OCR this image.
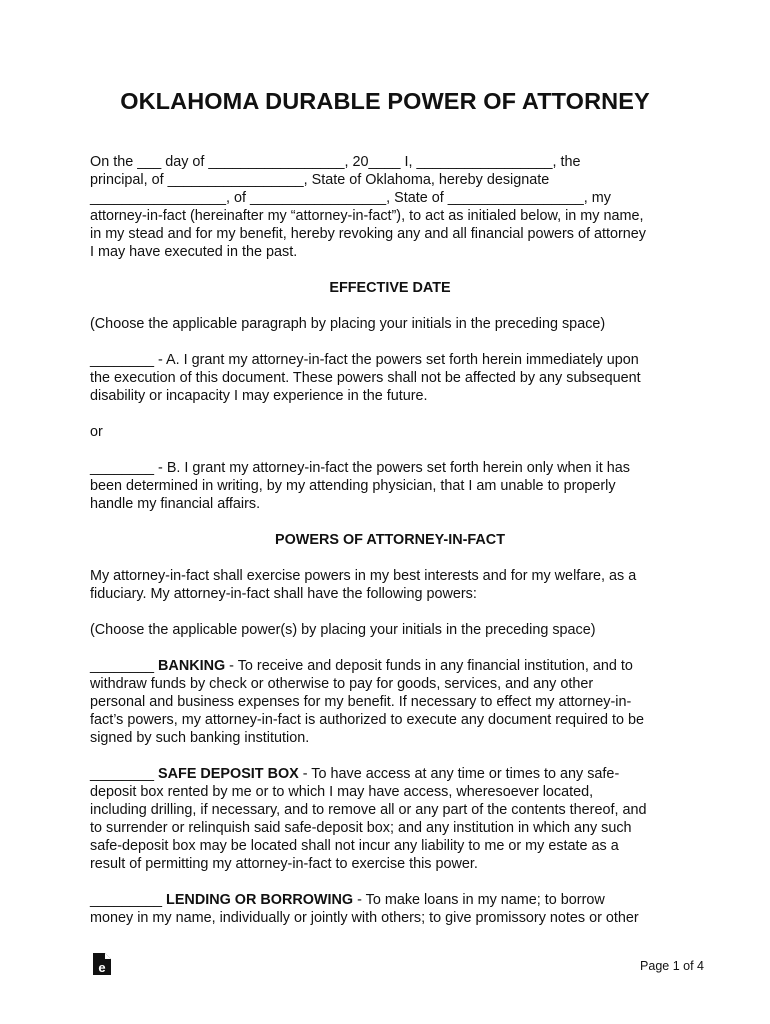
OKLAHOMA DURABLE POWER OF ATTORNEY

On the ___ day of _________________, 20____ I, _________________, the

principal, of _________________, State of Oklahoma, hereby designate

_________________, of _________________, State of _________________, my

attorney-in-fact (hereinafter my “attorney-in-fact”), to act as initialed below, in my name,

in my stead and for my benefit, hereby revoking any and all financial powers of attorney

I may have executed in the past.

EFFECTIVE DATE

(Choose the applicable paragraph by placing your initials in the preceding space)

________ - A. I grant my attorney-in-fact the powers set forth herein immediately upon

the execution of this document. These powers shall not be affected by any subsequent

disability or incapacity I may experience in the future.

or

________ - B. I grant my attorney-in-fact the powers set forth herein only when it has

been determined in writing, by my attending physician, that I am unable to properly

handle my financial affairs.

POWERS OF ATTORNEY-IN-FACT

My attorney-in-fact shall exercise powers in my best interests and for my welfare, as a

fiduciary. My attorney-in-fact shall have the following powers:

(Choose the applicable power(s) by placing your initials in the preceding space)

________ BANKING - To receive and deposit funds in any financial institution, and to

withdraw funds by check or otherwise to pay for goods, services, and any other

personal and business expenses for my benefit. If necessary to effect my attorney-in-

fact’s powers, my attorney-in-fact is authorized to execute any document required to be

signed by such banking institution.

________ SAFE DEPOSIT BOX - To have access at any time or times to any safe-

deposit box rented by me or to which I may have access, wheresoever located,

including drilling, if necessary, and to remove all or any part of the contents thereof, and

to surrender or relinquish said safe-deposit box; and any institution in which any such

safe-deposit box may be located shall not incur any liability to me or my estate as a

result of permitting my attorney-in-fact to exercise this power.

_________ LENDING OR BORROWING - To make loans in my name; to borrow

money in my name, individually or jointly with others; to give promissory notes or other

e	Page 1 of 4
